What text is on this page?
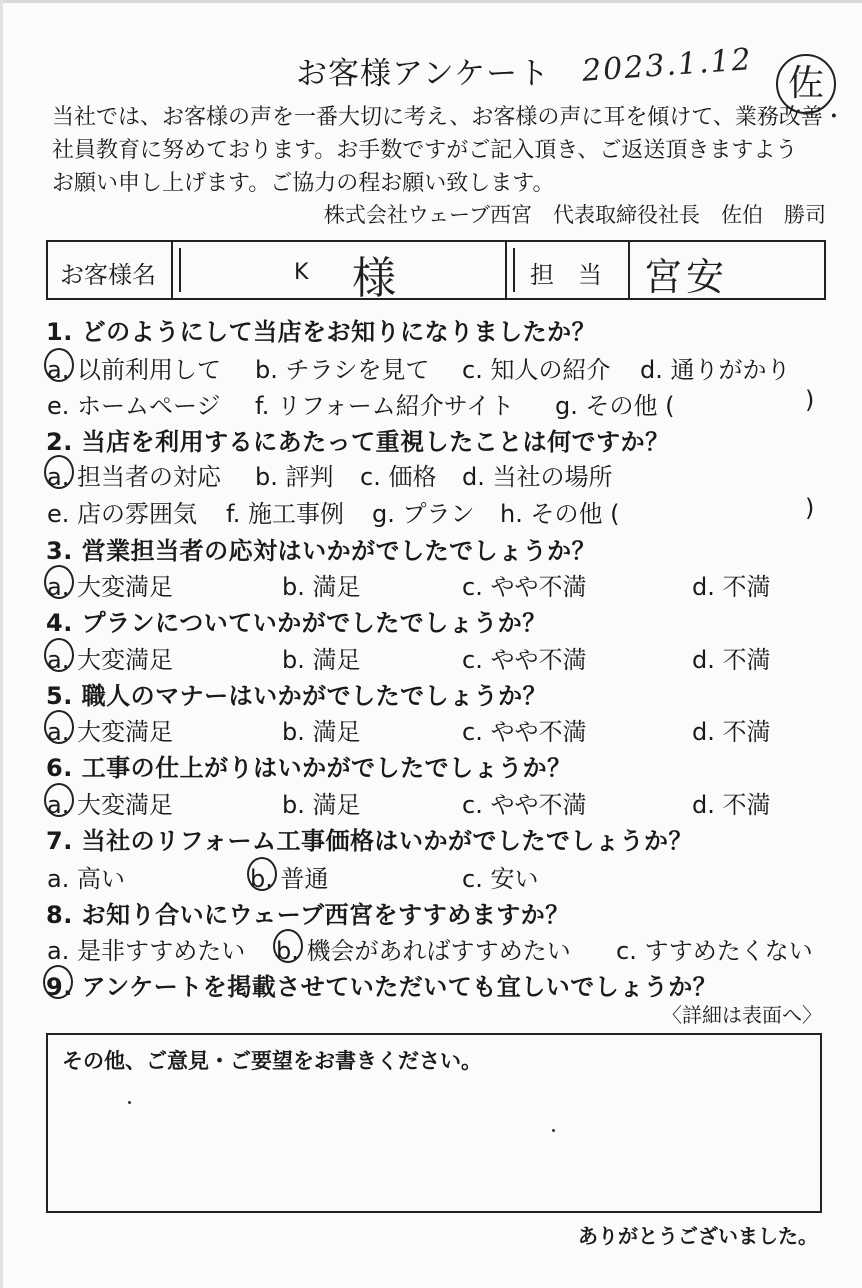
お客様アンケート 2023.1.12 佐
当社では、お客様の声を一番大切に考え、お客様の声に耳を傾けて、業務改善・
社員教育に努めております。お手数ですがご記入頂き、ご返送頂きますよう
お願い申し上げます。ご協力の程お願い致します。
株式会社ウェーブ西宮　代表取締役社長　佐伯　勝司
お客様名	K 様	担　当 宮安
1. どのようにして当店をお知りになりましたか？
a. 以前利用して b. チラシを見て c. 知人の紹介 d. 通りがかり
e. ホームページ f. リフォーム紹介サイト g. その他 (	)
2. 当店を利用するにあたって重視したことは何ですか？
a. 担当者の対応 b. 評判 c. 価格 d. 当社の場所
e. 店の雰囲気 f. 施工事例 g. プラン h. その他 (	)
3. 営業担当者の応対はいかがでしたでしょうか？
a. 大変満足	b. 満足	c. やや不満	d. 不満
4. プランについていかがでしたでしょうか？
a. 大変満足	b. 満足	c. やや不満	d. 不満
5. 職人のマナーはいかがでしたでしょうか？
a. 大変満足	b. 満足	c. やや不満	d. 不満
6. 工事の仕上がりはいかがでしたでしょうか？
a. 大変満足	b. 満足	c. やや不満	d. 不満
7. 当社のリフォーム工事価格はいかがでしたでしょうか？
a. 高い	b. 普通	c. 安い
8. お知り合いにウェーブ西宮をすすめますか？
a. 是非すすめたい b. 機会があればすすめたい c. すすめたくない
9. アンケートを掲載させていただいても宜しいでしょうか？
〈詳細は表面へ〉
その他、ご意見・ご要望をお書きください。
ありがとうございました。
